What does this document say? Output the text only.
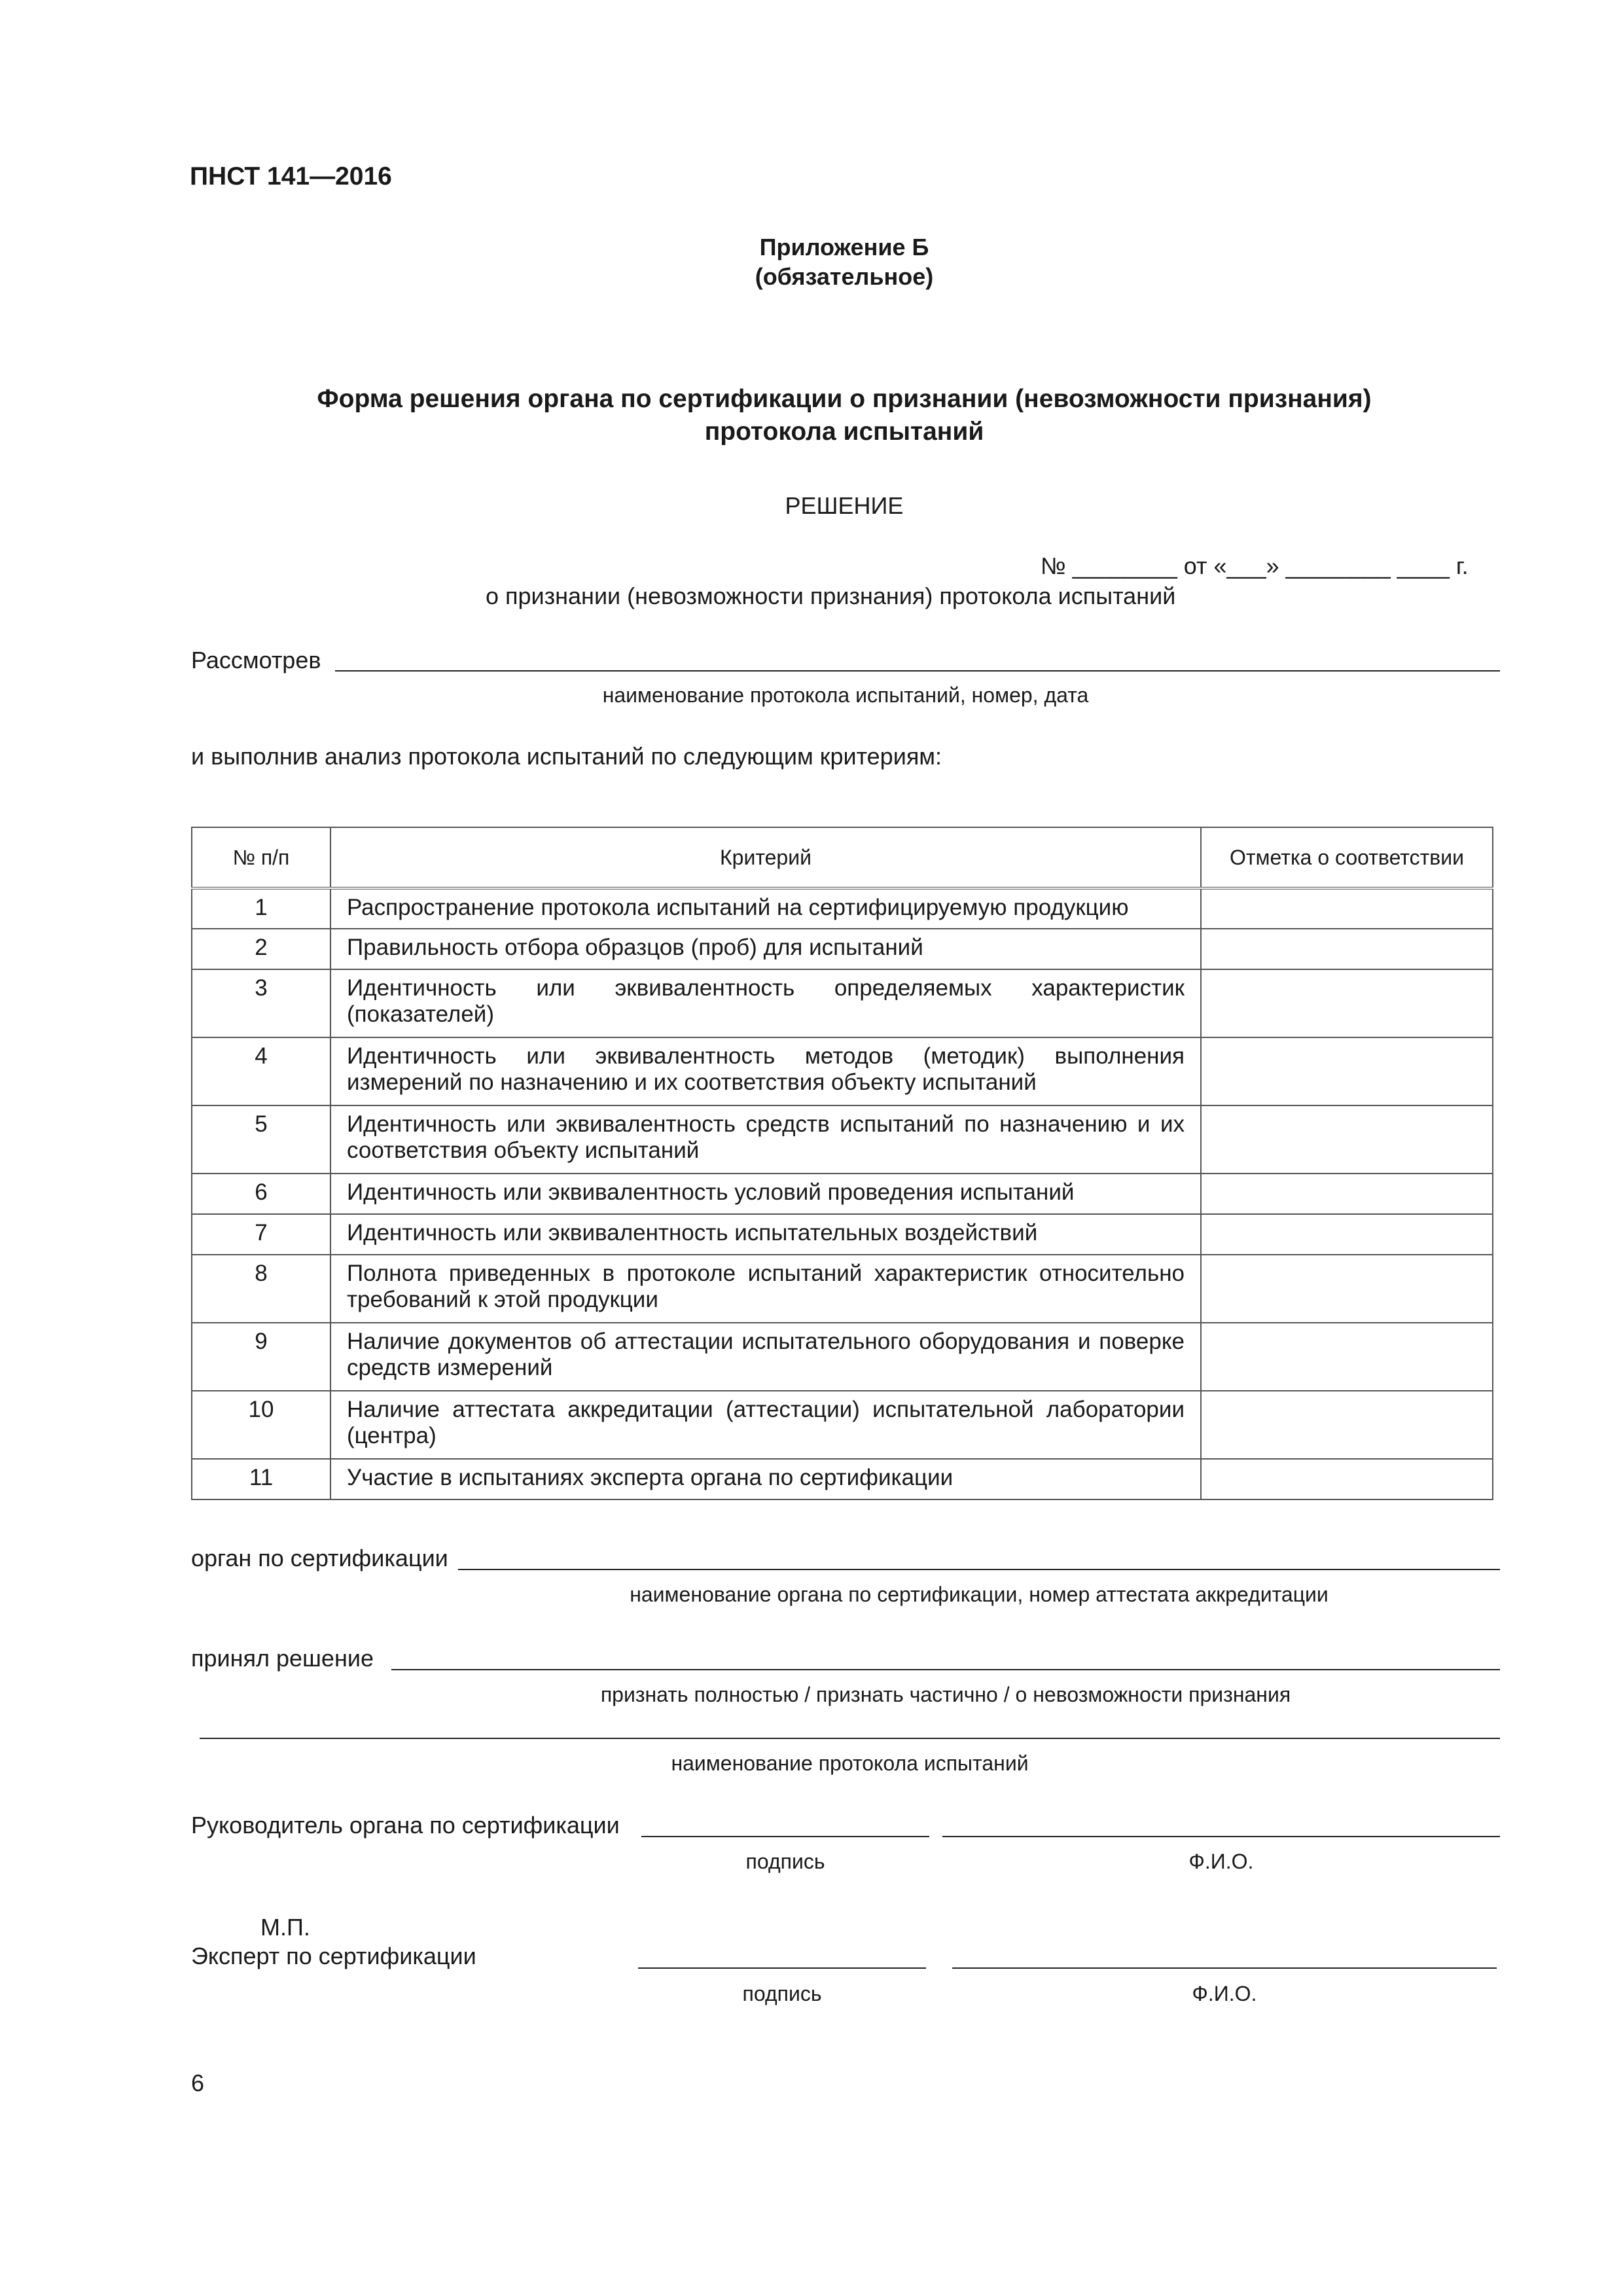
ПНСТ 141—2016
Приложение Б
(обязательное)
Форма решения органа по сертификации о признании (невозможности признания)
протокола испытаний
РЕШЕНИЕ
№ ________ от «___» ________ ____ г.
о признании (невозможности признания) протокола испытаний
Рассмотрев
наименование протокола испытаний, номер, дата
и выполнив анализ протокола испытаний по следующим критериям:
№ п/п	Критерий	Отметка о соответствии
1	Распространение протокола испытаний на сертифицируемую продукцию	
2	Правильность отбора образцов (проб) для испытаний	
3	Идентичность или эквивалентность определяемых характеристик (показателей)	
4	Идентичность или эквивалентность методов (методик) выполнения измерений по назначению и их соответствия объекту испытаний	
5	Идентичность или эквивалентность средств испытаний по назначению и их соответствия объекту испытаний	
6	Идентичность или эквивалентность условий проведения испытаний	
7	Идентичность или эквивалентность испытательных воздействий	
8	Полнота приведенных в протоколе испытаний характеристик относительно требований к этой продукции	
9	Наличие документов об аттестации испытательного оборудования и поверке средств измерений	
10	Наличие аттестата аккредитации (аттестации) испытательной лаборатории (центра)	
11	Участие в испытаниях эксперта органа по сертификации	
орган по сертификации
наименование органа по сертификации, номер аттестата аккредитации
принял решение
признать полностью / признать частично / о невозможности признания
наименование протокола испытаний
Руководитель органа по сертификации
подпись	Ф.И.О.
М.П.
Эксперт по сертификации
подпись	Ф.И.О.
6
